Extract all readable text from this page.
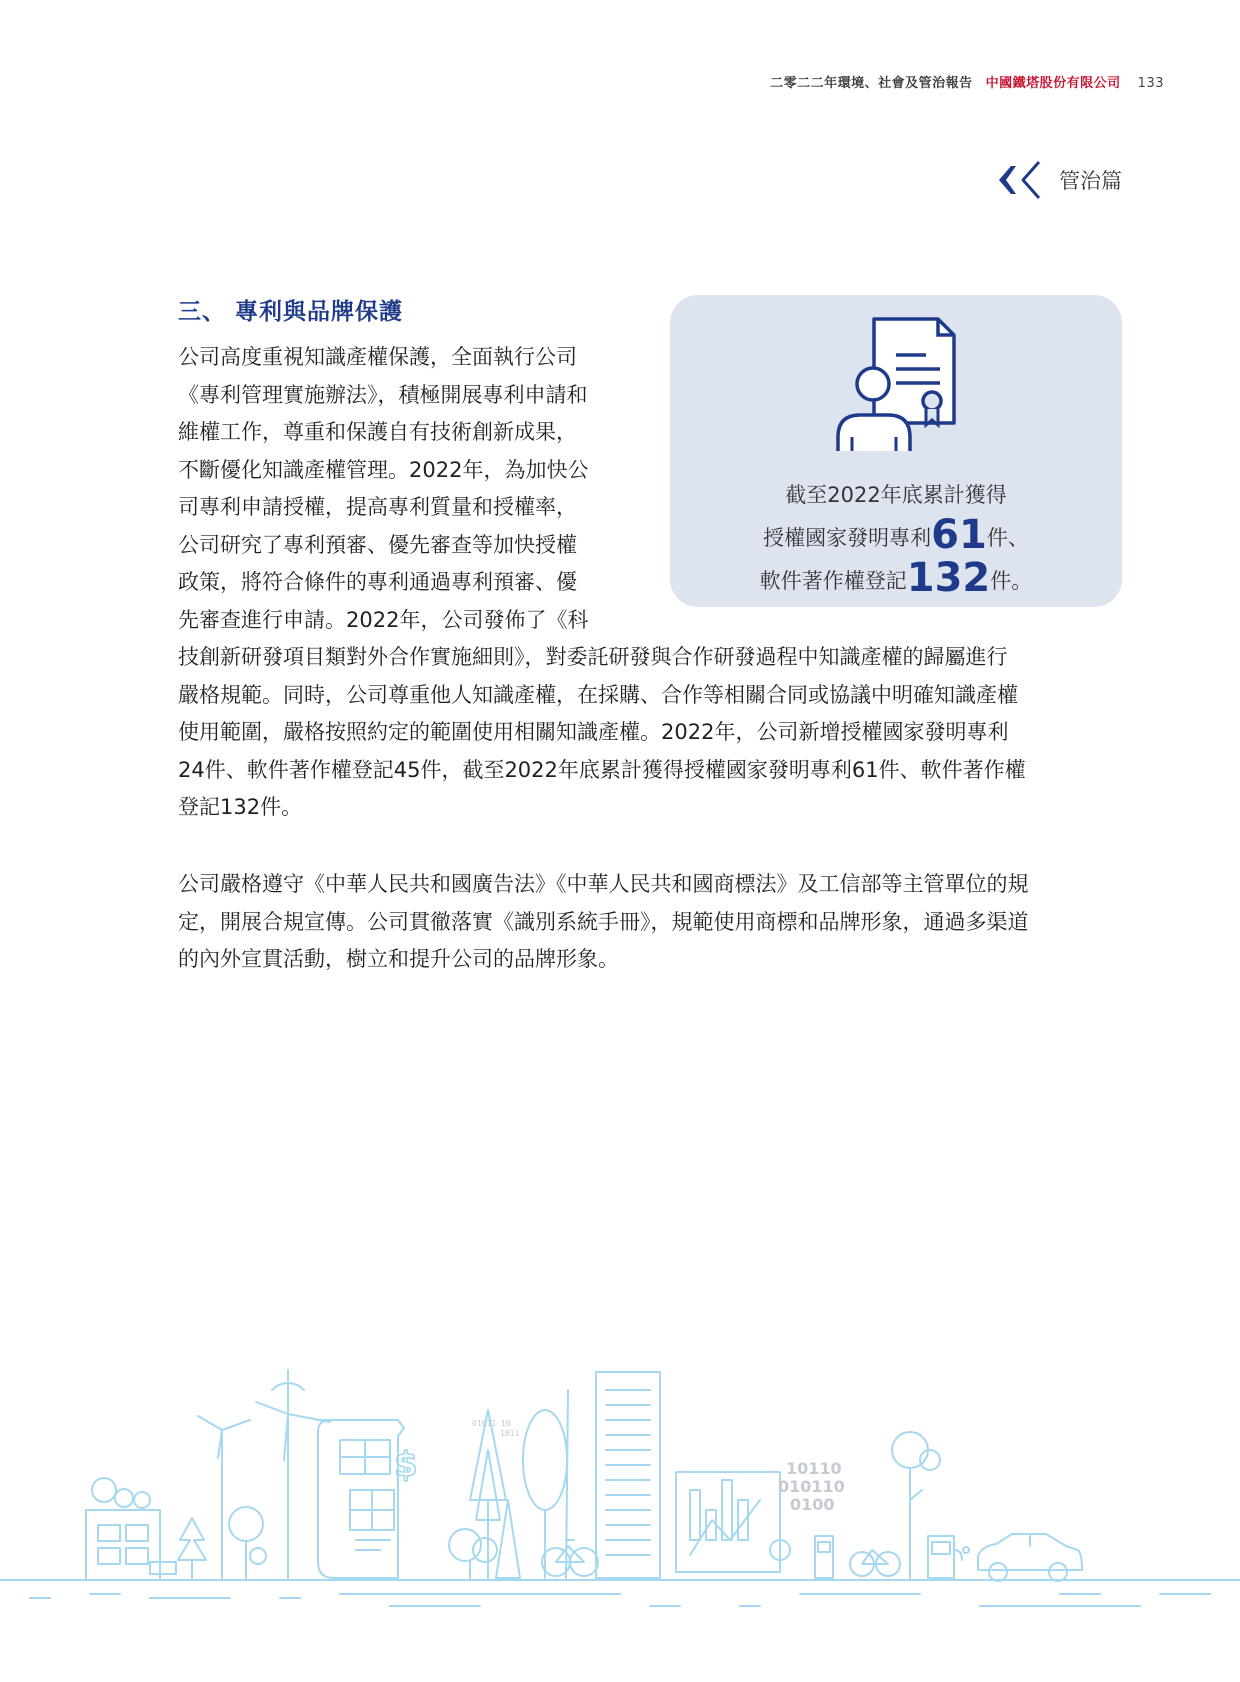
二零二二年環境、社會及管治報告 中國鐵塔股份有限公司 133
管治篇
三、 專利與品牌保護
公司高度重視知識產權保護，全面執行公司
《專利管理實施辦法》，積極開展專利申請和
維權工作，尊重和保護自有技術創新成果，
不斷優化知識產權管理。2022年，為加快公
司專利申請授權，提高專利質量和授權率，
公司研究了專利預審、優先審查等加快授權
政策，將符合條件的專利通過專利預審、優
先審查進行申請。2022年，公司發佈了《科
技創新研發項目類對外合作實施細則》，對委託研發與合作研發過程中知識產權的歸屬進行
嚴格規範。同時，公司尊重他人知識產權，在採購、合作等相關合同或協議中明確知識產權
使用範圍，嚴格按照約定的範圍使用相關知識產權。2022年，公司新增授權國家發明專利
24件、軟件著作權登記45件，截至2022年底累計獲得授權國家發明專利61件、軟件著作權
登記132件。
公司嚴格遵守《中華人民共和國廣告法》《中華人民共和國商標法》及工信部等主管單位的規
定，開展合規宣傳。公司貫徹落實《識別系統手冊》，規範使用商標和品牌形象，通過多渠道
的內外宣貫活動，樹立和提升公司的品牌形象。
截至2022年底累計獲得
授權國家發明專利61件、
軟件著作權登記132件。
01011 10
1011
10110
010110
0100
$
